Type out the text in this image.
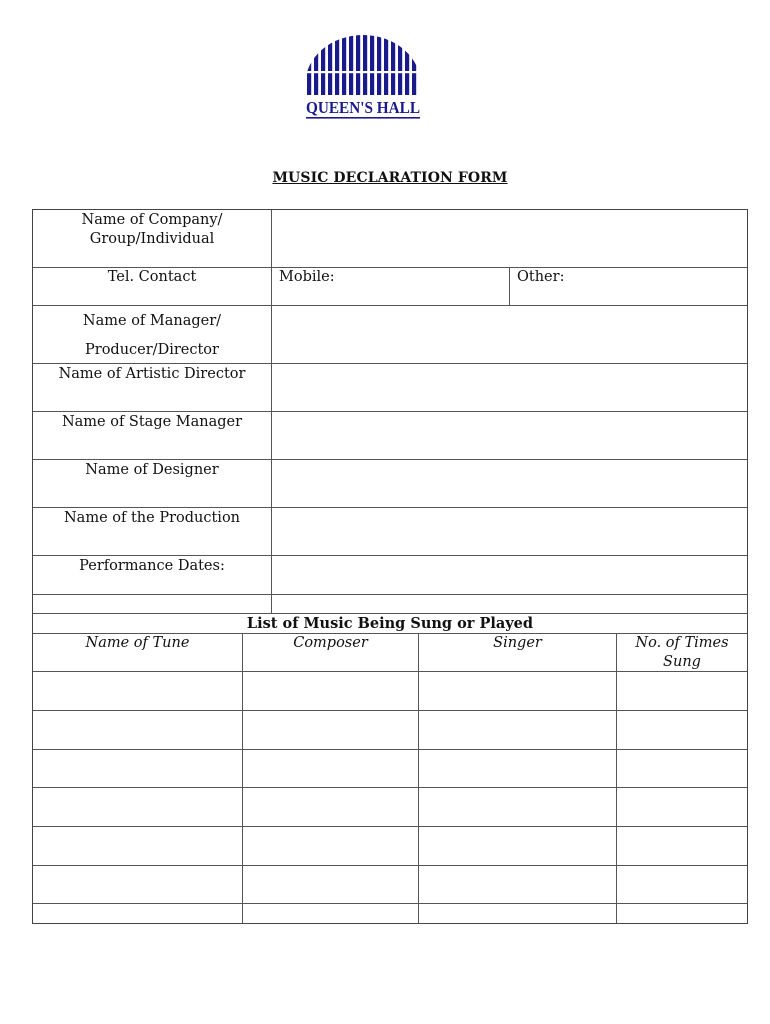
QUEEN'S HALL
MUSIC DECLARATION FORM
Name of Company/
Group/Individual
Tel. Contact	Mobile:	Other:
Name of Manager/
Producer/Director
Name of Artistic Director
Name of Stage Manager
Name of Designer
Name of the Production
Performance Dates:
List of Music Being Sung or Played
Name of Tune	Composer	Singer	No. of Times
Sung
